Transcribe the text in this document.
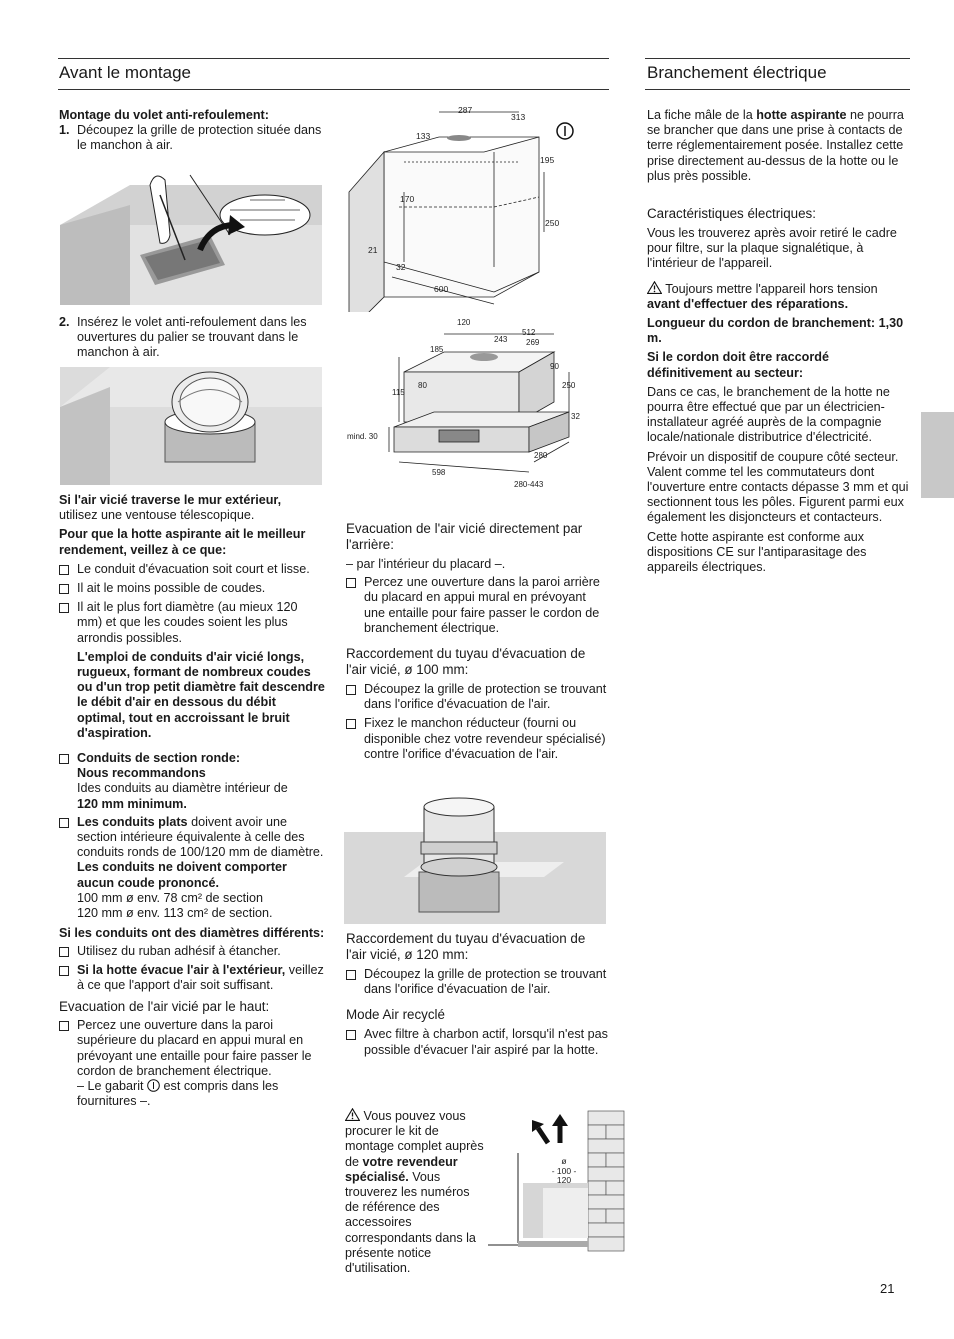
Avant le montage

Montage du volet anti-refoulement:

1. Découpez la grille de protection située dans le manchon à air.
2. Insérez le volet anti-refoulement dans les ouvertures du palier se trouvant dans le manchon à air.

Si l'air vicié traverse le mur extérieur,
utilisez une ventouse télescopique.

Pour que la hotte aspirante ait le meilleur rendement, veillez à ce que:

Le conduit d'évacuation soit court et lisse.
Il ait le moins possible de coudes.
Il ait le plus fort diamètre (au mieux 120 mm) et que les coudes soient les plus arrondis possibles.

L'emploi de conduits d'air vicié longs, rugueux, formant de nombreux coudes ou d'un trop petit diamètre fait descendre le débit d'air en dessous du débit optimal, tout en accroissant le bruit d'aspiration.

Conduits de section ronde:
Nous recommandons
Ides conduits au diamètre intérieur de
120 mm minimum.
Les conduits plats doivent avoir une section intérieure équivalente à celle des conduits ronds de 100/120 mm de diamètre.
Les conduits ne doivent comporter aucun coude prononcé.
100 mm ø env. 78 cm² de section
120 mm ø env. 113 cm² de section.

Si les conduits ont des diamètres différents:

Utilisez du ruban adhésif à étancher.
Si la hotte évacue l'air à l'extérieur, veillez à ce que l'apport d'air soit suffisant.

Evacuation de l'air vicié par le haut:

Percez une ouverture dans la paroi supérieure du placard en appui mural en prévoyant une entaille pour faire passer le cordon de branchement électrique.
– Le gabarit est compris dans les fournitures –.
287
313
133
195
170
250
21
32
600
120
512
243 269
185
90
80
115
250
32
mind. 30
280
598
280-443

Evacuation de l'air vicié directement par l'arrière:

– par l'intérieur du placard –.

Percez une ouverture dans la paroi arrière du placard en appui mural en prévoyant une entaille pour faire passer le cordon de branchement électrique.

Raccordement du tuyau d'évacuation de l'air vicié, ø 100 mm:

Découpez la grille de protection se trouvant dans l'orifice d'évacuation de l'air.
Fixez le manchon réducteur (fourni ou disponible chez votre revendeur spécialisé) contre l'orifice d'évacuation de l'air.

Raccordement du tuyau d'évacuation de l'air vicié, ø 120 mm:

Découpez la grille de protection se trouvant dans l'orifice d'évacuation de l'air.

Mode Air recyclé

Avec filtre à charbon actif, lorsqu'il n'est pas possible d'évacuer l'air aspiré par la hotte.
Vous pouvez vous procurer le kit de montage complet auprès de votre revendeur spécialisé. Vous trouverez les numéros de référence des accessoires correspondants dans la présente notice d'utilisation.
ø
- 100 -
120
Branchement électrique

La fiche mâle de la hotte aspirante ne pourra se brancher que dans une prise à contacts de terre réglementairement posée. Installez cette prise directement au-dessus de la hotte ou le plus près possible.

Caractéristiques électriques:

Vous les trouverez après avoir retiré le cadre pour filtre, sur la plaque signalétique, à l'intérieur de l'appareil.

Toujours mettre l'appareil hors tension
avant d'effectuer des réparations.

Longueur du cordon de branchement: 1,30 m.

Si le cordon doit être raccordé définitivement au secteur:

Dans ce cas, le branchement de la hotte ne pourra être effectué que par un électricien-installateur agréé auprès de la compagnie locale/nationale distributrice d'électricité.

Prévoir un dispositif de coupure côté secteur. Valent comme tel les commutateurs dont l'ouverture entre contacts dépasse 3 mm et qui sectionnent tous les pôles. Figurent parmi eux également les disjoncteurs et contacteurs.

Cette hotte aspirante est conforme aux dispositions CE sur l'antiparasitage des appareils électriques.

21
